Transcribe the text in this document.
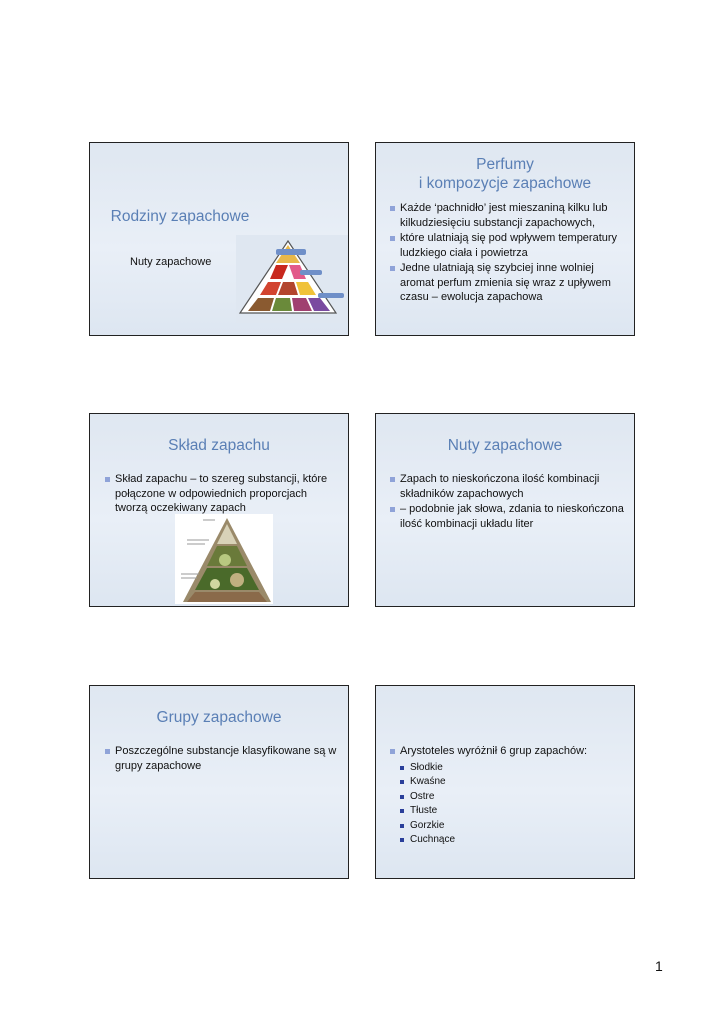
Rodziny zapachowe
Nuty zapachowe
Perfumy
i kompozycje zapachowe
Każde ‘pachnidło’ jest mieszaniną kilku lub kilkudziesięciu substancji zapachowych,
które ulatniają się pod wpływem temperatury ludzkiego ciała i powietrza
Jedne ulatniają się szybciej inne wolniej aromat perfum zmienia się wraz z upływem czasu – ewolucja zapachowa
Skład zapachu
Skład zapachu – to szereg substancji, które połączone w odpowiednich proporcjach tworzą oczekiwany zapach
Nuty zapachowe
Zapach to nieskończona ilość kombinacji składników zapachowych
– podobnie jak słowa, zdania to nieskończona ilość kombinacji układu liter
Grupy zapachowe
Poszczególne substancje klasyfikowane są w grupy zapachowe
Arystoteles wyróżnił 6 grup zapachów:
Słodkie
Kwaśne
Ostre
Tłuste
Gorzkie
Cuchnące
1
